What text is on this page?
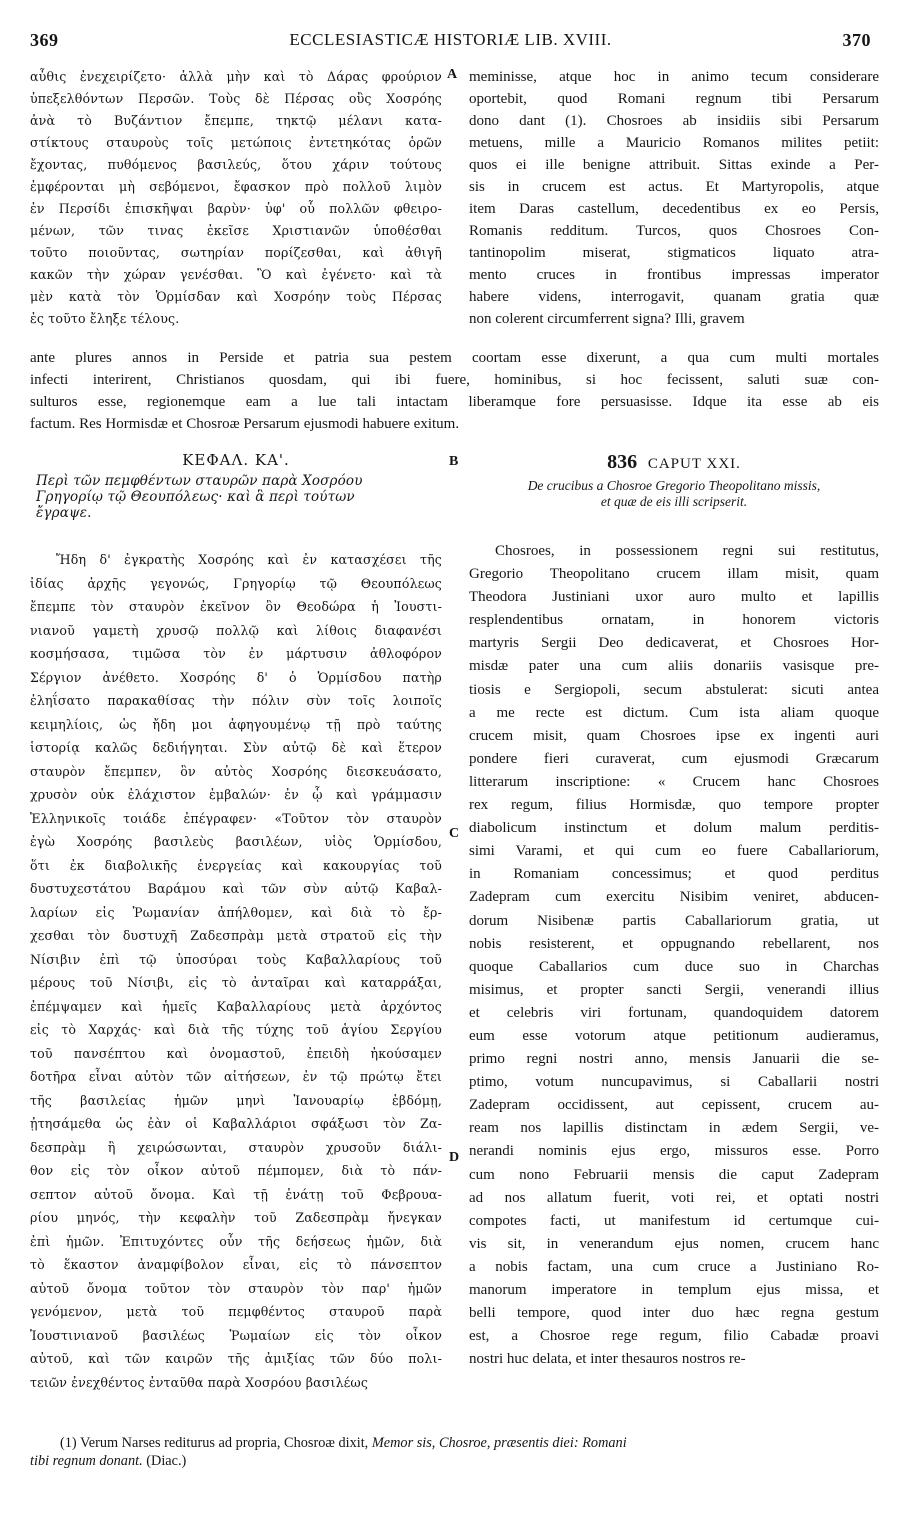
369	ECCLESIASTICÆ HISTORIÆ LIB. XVIII.	370
αὖθις ἐνεχειρίζετο· ἀλλὰ μὴν καὶ τὸ Δάρας φρούριον
ὑπεξελθόντων Περσῶν. Τοὺς δὲ Πέρσας οὓς Χοσρόης
ἀνὰ τὸ Βυζάντιον ἔπεμπε, τηκτῷ μέλανι κατα-
στίκτους σταυροὺς τοῖς μετώποις ἐντετηκότας ὁρῶν
ἔχοντας, πυθόμενος βασιλεύς, ὅτου χάριν τούτους
ἐμφέρονται μὴ σεβόμενοι, ἔφασκον πρὸ πολλοῦ λιμὸν
ἐν Περσίδι ἐπισκῆψαι βαρὺν· ὑφ' οὗ πολλῶν φθειρο-
μένων, τῶν τινας ἐκεῖσε Χριστιανῶν ὑποθέσθαι
τοῦτο ποιοῦντας, σωτηρίαν πορίζεσθαι, καὶ ἀθιγῆ
κακῶν τὴν χώραν γενέσθαι. Ὃ καὶ ἐγένετο· καὶ τὰ
μὲν κατὰ τὸν Ὁρμίσδαν καὶ Χοσρόην τοὺς Πέρσας
ἐς τοῦτο ἔληξε τέλους.
meminisse, atque hoc in animo tecum considerare
oportebit, quod Romani regnum tibi Persarum
dono dant (1). Chosroes ab insidiis sibi Persarum
metuens, mille a Mauricio Romanos milites petiit:
quos ei ille benigne attribuit. Sittas exinde a Per-
sis in crucem est actus. Et Martyropolis, atque
item Daras castellum, decedentibus ex eo Persis,
Romanis redditum. Turcos, quos Chosroes Con-
tantinopolim miserat, stigmaticos liquato atra-
mento cruces in frontibus impressas imperator
habere videns, interrogavit, quanam gratia quæ
non colerent circumferrent signa? Illi, gravem
A
ante plures annos in Perside et patria sua pestem coortam esse dixerunt, a qua cum multi mortales
infecti interirent, Christianos quosdam, qui ibi fuere, hominibus, si hoc fecissent, saluti suæ con-
sulturos esse, regionemque eam a lue tali intactam liberamque fore persuasisse. Idque ita esse ab eis
factum. Res Hormisdæ et Chosroæ Persarum ejusmodi habuere exitum.
B
ΚΕΦΑΛ. ΚΑ'.
Περὶ τῶν πεμφθέντων σταυρῶν παρὰ Χοσρόου
Γρηγορίῳ τῷ Θεουπόλεως· καὶ ἃ περὶ τούτων
ἔγραψε.
836 CAPUT XXI.
De crucibus a Chosroe Gregorio Theopolitano missis,
et quæ de eis illi scripserit.
Ἤδη δ' ἐγκρατὴς Χοσρόης καὶ ἐν κατασχέσει τῆς
ἰδίας ἀρχῆς γεγονώς, Γρηγορίῳ τῷ Θεουπόλεως
ἔπεμπε τὸν σταυρὸν ἐκεῖνον ὃν Θεοδώρα ἡ Ἰουστι-
νιανοῦ γαμετὴ χρυσῷ πολλῷ καὶ λίθοις διαφανέσι
κοσμήσασα, τιμῶσα τὸν ἐν μάρτυσιν ἀθλοφόρον
Σέργιον ἀνέθετο. Χοσρόης δ' ὁ Ὁρμίσδου πατὴρ
ἐληΐσατο παρακαθίσας τὴν πόλιν σὺν τοῖς λοιποῖς
κειμηλίοις, ὡς ἤδη μοι ἀφηγουμένῳ τῇ πρὸ ταύτης
ἱστορίᾳ καλῶς δεδιήγηται. Σὺν αὐτῷ δὲ καὶ ἕτερον
σταυρὸν ἔπεμπεν, ὃν αὐτὸς Χοσρόης διεσκευάσατο,
χρυσὸν οὐκ ἐλάχιστον ἐμβαλών· ἐν ᾧ καὶ γράμμασιν
Ἑλληνικοῖς τοιάδε ἐπέγραφεν· «Τοῦτον τὸν σταυρὸν
ἐγὼ Χοσρόης βασιλεὺς βασιλέων, υἱὸς Ὁρμίσδου,
ὅτι ἐκ διαβολικῆς ἐνεργείας καὶ κακουργίας τοῦ
δυστυχεστάτου Βαράμου καὶ τῶν σὺν αὐτῷ Καβαλ-
λαρίων εἰς Ῥωμανίαν ἀπήλθομεν, καὶ διὰ τὸ ἔρ-
χεσθαι τὸν δυστυχῆ Ζαδεσπρὰμ μετὰ στρατοῦ εἰς τὴν
Νίσιβιν ἐπὶ τῷ ὑποσύραι τοὺς Καβαλλαρίους τοῦ
μέρους τοῦ Νίσιβι, εἰς τὸ ἀνταῖραι καὶ καταρράξαι,
ἐπέμψαμεν καὶ ἡμεῖς Καβαλλαρίους μετὰ ἀρχόντος
εἰς τὸ Χαρχάς· καὶ διὰ τῆς τύχης τοῦ ἁγίου Σεργίου
τοῦ πανσέπτου καὶ ὀνομαστοῦ, ἐπειδὴ ἠκούσαμεν
δοτῆρα εἶναι αὐτὸν τῶν αἰτήσεων, ἐν τῷ πρώτῳ ἔτει
τῆς βασιλείας ἡμῶν μηνὶ Ἰανουαρίῳ ἑβδόμῃ,
ᾐτησάμεθα ὡς ἐὰν οἱ Καβαλλάριοι σφάξωσι τὸν Ζα-
δεσπρὰμ ἢ χειρώσωνται, σταυρὸν χρυσοῦν διάλι-
θον εἰς τὸν οἶκον αὐτοῦ πέμπομεν, διὰ τὸ πάν-
σεπτον αὐτοῦ ὄνομα. Καὶ τῇ ἐνάτῃ τοῦ Φεβρουα-
ρίου μηνός, τὴν κεφαλὴν τοῦ Ζαδεσπρὰμ ἤνεγκαν
ἐπὶ ἡμῶν. Ἐπιτυχόντες οὖν τῆς δεήσεως ἡμῶν, διὰ
τὸ ἕκαστον ἀναμφίβολον εἶναι, εἰς τὸ πάνσεπτον
αὐτοῦ ὄνομα τοῦτον τὸν σταυρὸν τὸν παρ' ἡμῶν
γενόμενον, μετὰ τοῦ πεμφθέντος σταυροῦ παρὰ
Ἰουστινιανοῦ βασιλέως Ῥωμαίων εἰς τὸν οἶκον
αὐτοῦ, καὶ τῶν καιρῶν τῆς ἀμιξίας τῶν δύο πολι-
τειῶν ἐνεχθέντος ἐνταῦθα παρὰ Χοσρόου βασιλέως
Chosroes, in possessionem regni sui restitutus,
Gregorio Theopolitano crucem illam misit, quam
Theodora Justiniani uxor auro multo et lapillis
resplendentibus ornatam, in honorem victoris
martyris Sergii Deo dedicaverat, et Chosroes Hor-
misdæ pater una cum aliis donariis vasisque pre-
tiosis e Sergiopoli, secum abstulerat: sicuti antea
a me recte est dictum. Cum ista aliam quoque
crucem misit, quam Chosroes ipse ex ingenti auri
pondere fieri curaverat, cum ejusmodi Græcarum
litterarum inscriptione: « Crucem hanc Chosroes
rex regum, filius Hormisdæ, quo tempore propter
diabolicum instinctum et dolum malum perditis-
simi Varami, et qui cum eo fuere Caballariorum,
in Romaniam concessimus; et quod perditus
Zadepram cum exercitu Nisibim veniret, abducen-
dorum Nisibenæ partis Caballariorum gratia, ut
nobis resisterent, et oppugnando rebellarent, nos
quoque Caballarios cum duce suo in Charchas
misimus, et propter sancti Sergii, venerandi illius
et celebris viri fortunam, quandoquidem datorem
eum esse votorum atque petitionum audieramus,
primo regni nostri anno, mensis Januarii die se-
ptimo, votum nuncupavimus, si Caballarii nostri
Zadepram occidissent, aut cepissent, crucem au-
ream nos lapillis distinctam in ædem Sergii, ve-
nerandi nominis ejus ergo, missuros esse. Porro
cum nono Februarii mensis die caput Zadepram
ad nos allatum fuerit, voti rei, et optati nostri
compotes facti, ut manifestum id certumque cui-
vis sit, in venerandum ejus nomen, crucem hanc
a nobis factam, una cum cruce a Justiniano Ro-
manorum imperatore in templum ejus missa, et
belli tempore, quod inter duo hæc regna gestum
est, a Chosroe rege regum, filio Cabadæ proavi
nostri huc delata, et inter thesauros nostros re-
C
D
(1) Verum Narses rediturus ad propria, Chosroæ dixit, Memor sis, Chosroe, præsentis diei: Romani
tibi regnum donant. (Diac.)
